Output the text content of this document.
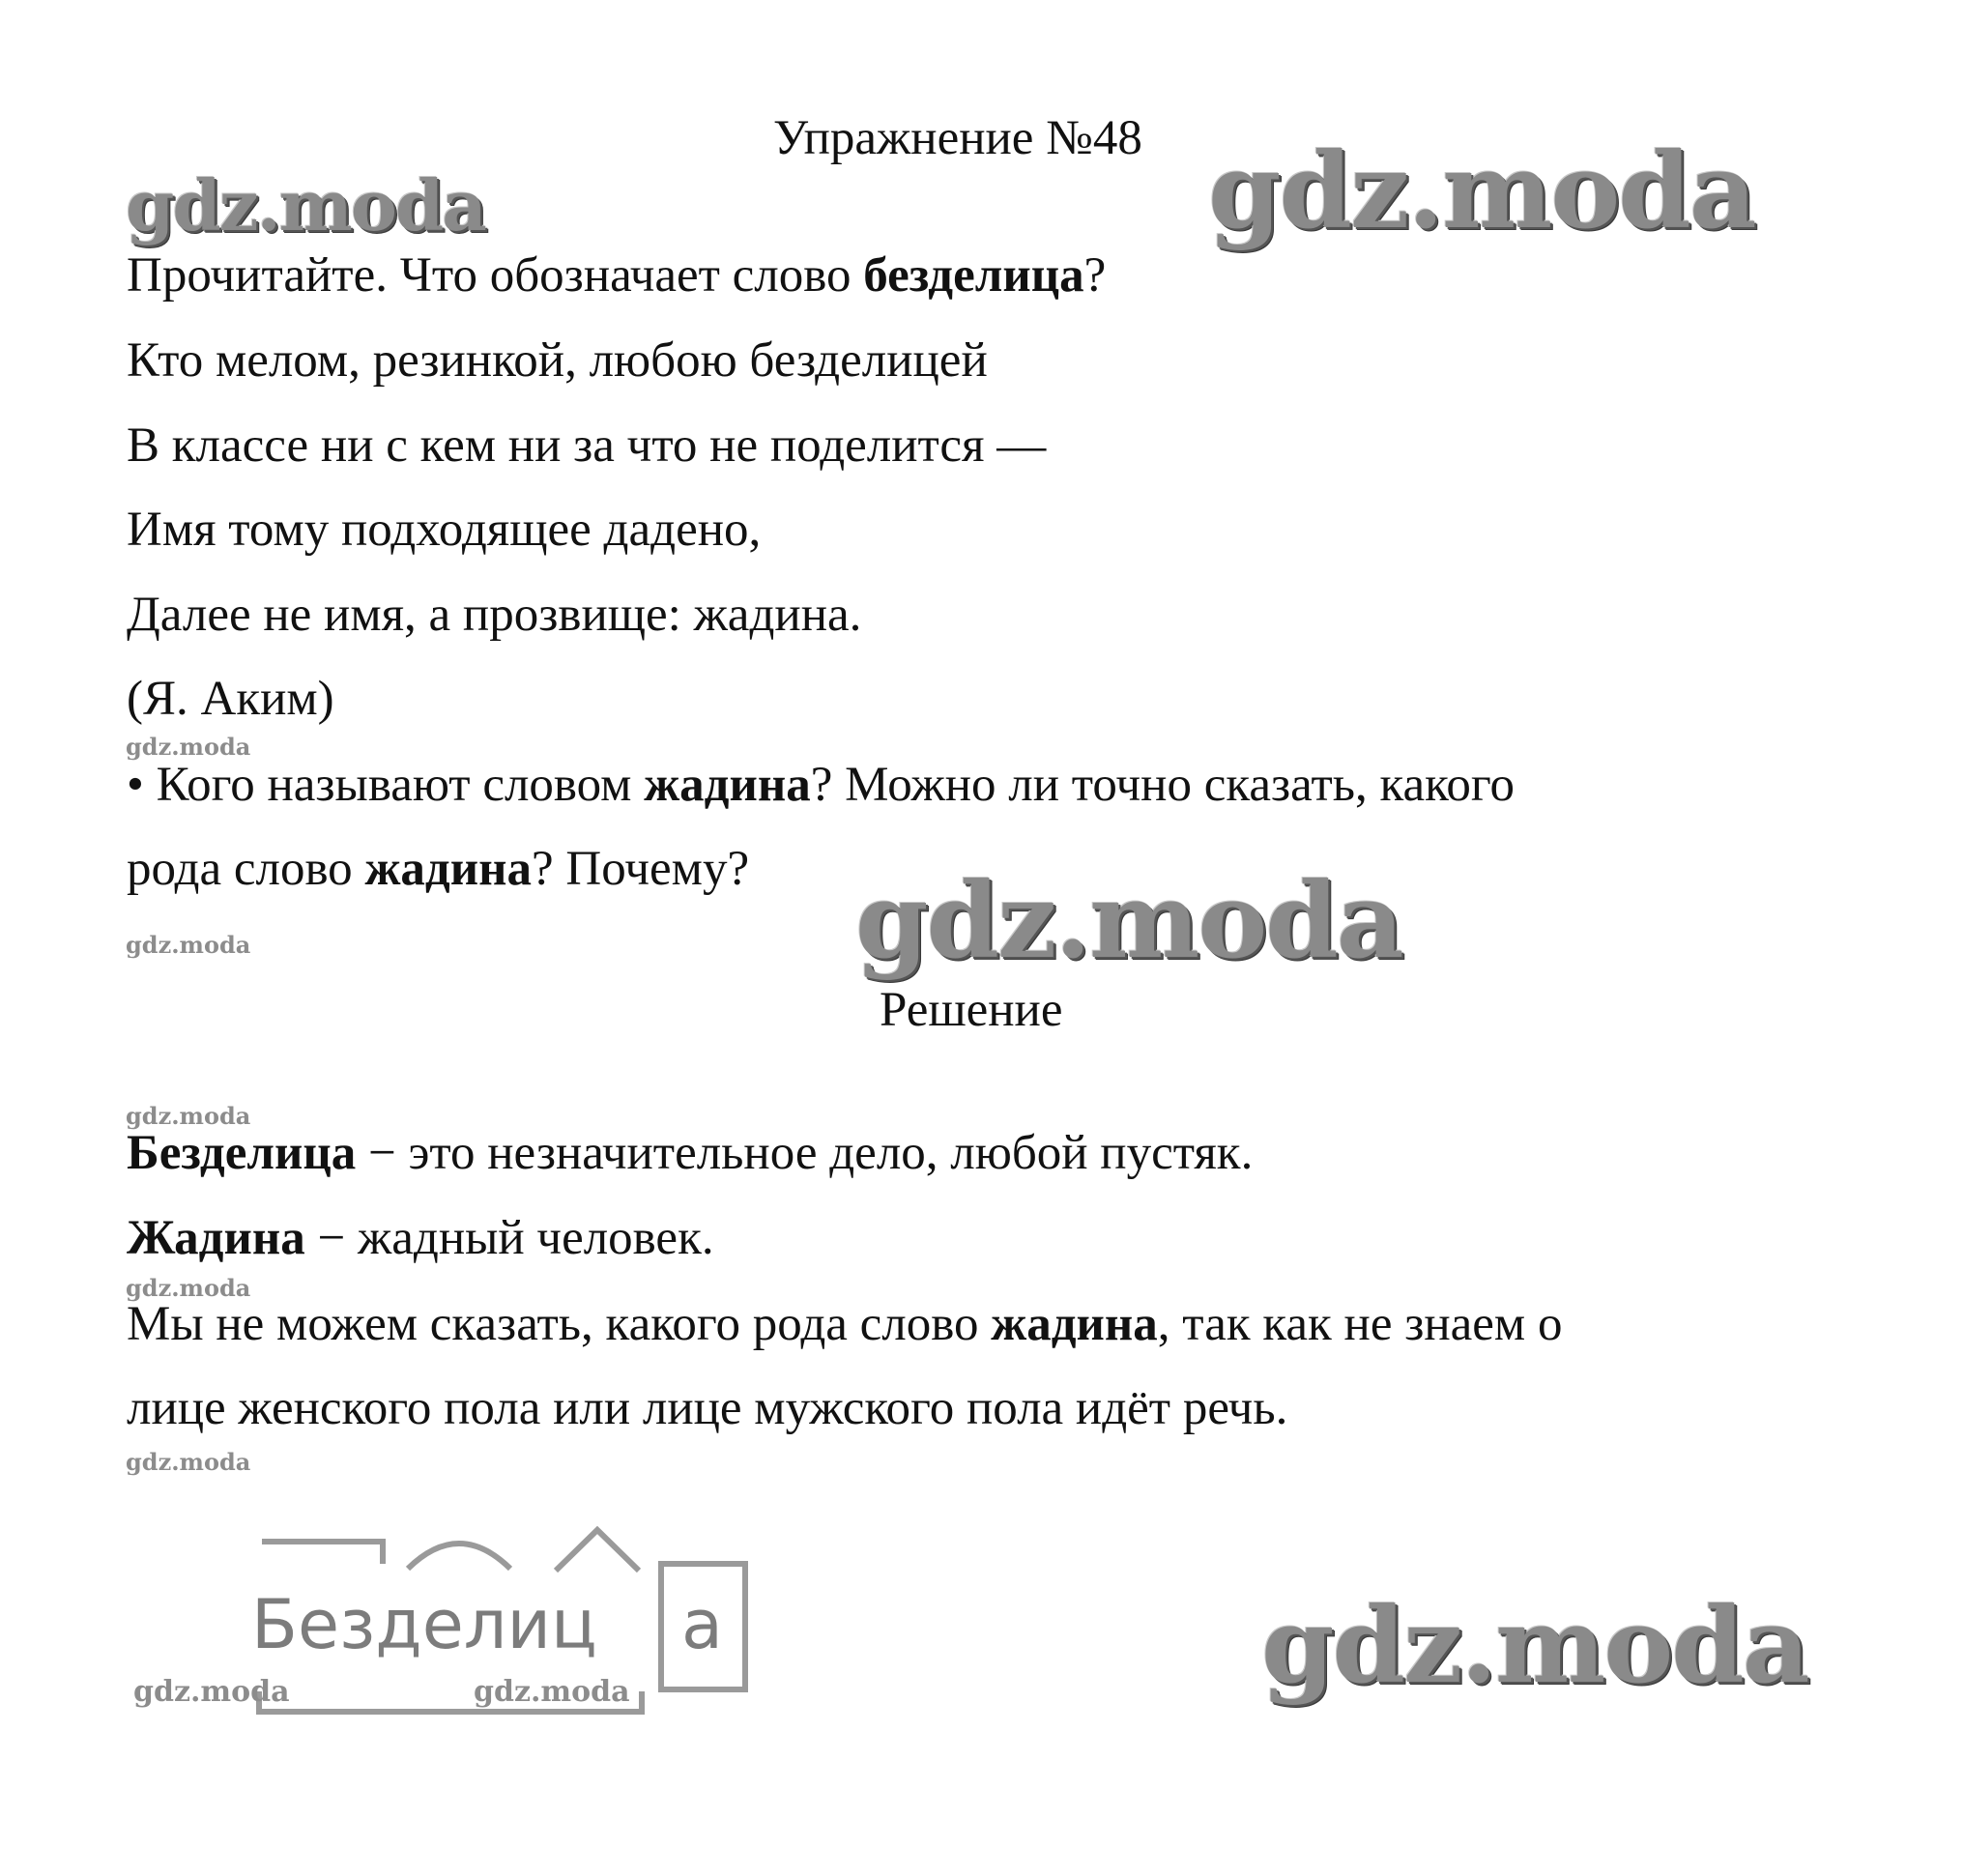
gdz.moda	gdz.moda
gdz.moda
gdz.moda
gdz.moda
gdz.moda
gdz.moda
gdz.moda
gdz.moda
Упражнение №48
Прочитайте. Что обозначает слово безделица?
Кто мелом, резинкой, любою безделицей
В классе ни с кем ни за что не поделится —
Имя тому подходящее дадено,
Далее не имя, а прозвище: жадина.
(Я. Аким)
• Кого называют словом жадина? Можно ли точно сказать, какого
рода слово жадина? Почему?
Решение
Безделица − это незначительное дело, любой пустяк.
Жадина − жадный человек.
Мы не можем сказать, какого рода слово жадина, так как не знаем о
лице женского пола или лице мужского пола идёт речь.
Безделиц а
gdz.moda	gdz.moda
